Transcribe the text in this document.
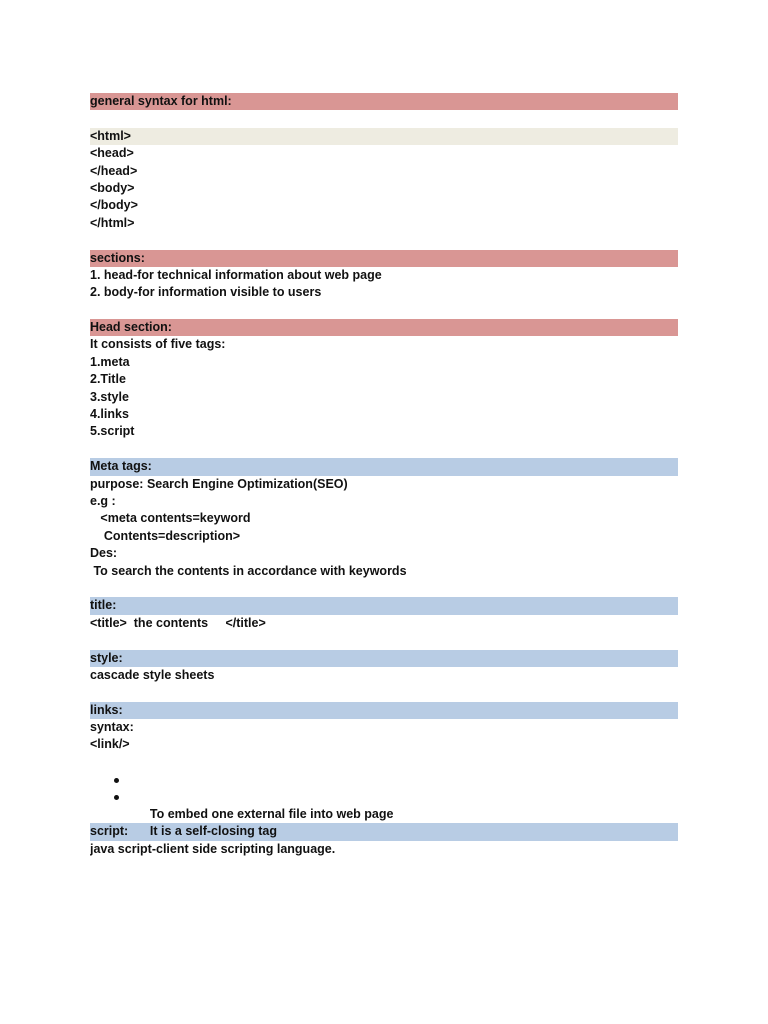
general syntax for html:
<html>
<head>
</head>
<body>
</body>
</html>
sections:
1. head-for technical information about web page
2. body-for information visible to users
Head section:
It consists of five tags:
1.meta
2.Title
3.style
4.links
5.script
Meta tags:
purpose: Search Engine Optimization(SEO)
e.g :
<meta contents=keyword
Contents=description>
Des:
To search the contents in accordance with keywords
title:
<title>  the contents     </title>
style:
cascade style sheets
links:
syntax:
<link/>

To embed one external file into web page

It is a self-closing tag

script:
java script-client side scripting language.
